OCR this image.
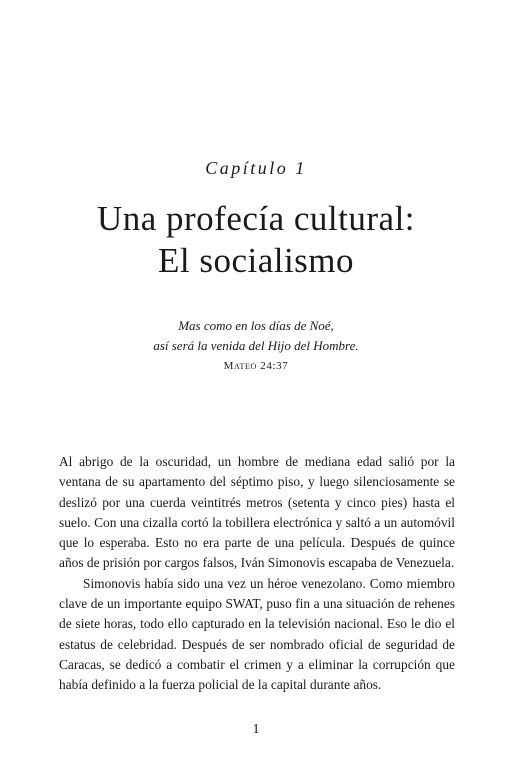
Capítulo 1
Una profecía cultural:
El socialismo
Mas como en los días de Noé,
así será la venida del Hijo del Hombre.
Mateo 24:37

Al abrigo de la oscuridad, un hombre de mediana edad salió por la ventana de su apartamento del séptimo piso, y luego silenciosamente se deslizó por una cuerda veintitrés metros (setenta y cinco pies) hasta el suelo. Con una cizalla cortó la tobillera electrónica y saltó a un automóvil que lo esperaba. Esto no era parte de una película. Después de quince años de prisión por cargos falsos, Iván Simonovis escapaba de Venezuela.

Simonovis había sido una vez un héroe venezolano. Como miembro clave de un importante equipo SWAT, puso fin a una situación de rehenes de siete horas, todo ello capturado en la televisión nacional. Eso le dio el estatus de celebridad. Después de ser nombrado oficial de seguridad de Caracas, se dedicó a combatir el crimen y a eliminar la corrupción que había definido a la fuerza policial de la capital durante años.

1
